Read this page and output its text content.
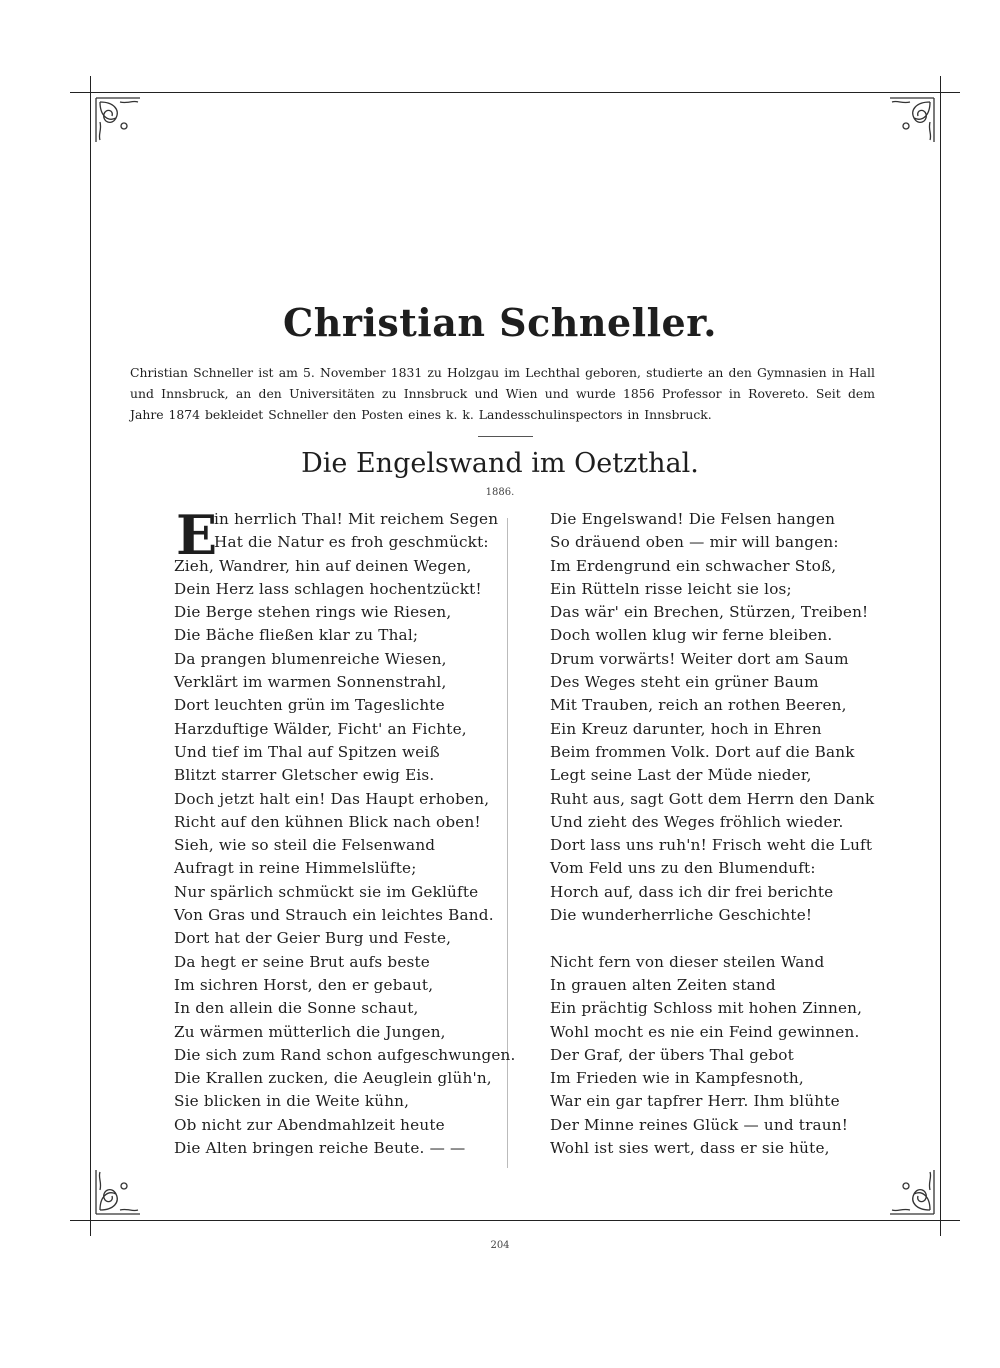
Christian Schneller.
Christian Schneller ist am 5. November 1831 zu Holzgau im Lechthal geboren, studierte an den Gymnasien in Hall und Innsbruck, an den Universitäten zu Innsbruck und Wien und wurde 1856 Professor in Rovereto. Seit dem Jahre 1874 bekleidet Schneller den Posten eines k. k. Landesschulinspectors in Innsbruck.
Die Engelswand im Oetzthal.
1886.
E
in herrlich Thal! Mit reichem Segen
Hat die Natur es froh geschmückt:
Zieh, Wandrer, hin auf deinen Wegen,
Dein Herz lass schlagen hochentzückt!
Die Berge stehen rings wie Riesen,
Die Bäche fließen klar zu Thal;
Da prangen blumenreiche Wiesen,
Verklärt im warmen Sonnenstrahl,
Dort leuchten grün im Tageslichte
Harzduftige Wälder, Ficht' an Fichte,
Und tief im Thal auf Spitzen weiß
Blitzt starrer Gletscher ewig Eis.
Doch jetzt halt ein! Das Haupt erhoben,
Richt auf den kühnen Blick nach oben!
Sieh, wie so steil die Felsenwand
Aufragt in reine Himmelslüfte;
Nur spärlich schmückt sie im Geklüfte
Von Gras und Strauch ein leichtes Band.
Dort hat der Geier Burg und Feste,
Da hegt er seine Brut aufs beste
Im sichren Horst, den er gebaut,
In den allein die Sonne schaut,
Zu wärmen mütterlich die Jungen,
Die sich zum Rand schon aufgeschwungen.
Die Krallen zucken, die Aeuglein glüh'n,
Sie blicken in die Weite kühn,
Ob nicht zur Abendmahlzeit heute
Die Alten bringen reiche Beute. — —
Die Engelswand! Die Felsen hangen
So dräuend oben — mir will bangen:
Im Erdengrund ein schwacher Stoß,
Ein Rütteln risse leicht sie los;
Das wär' ein Brechen, Stürzen, Treiben!
Doch wollen klug wir ferne bleiben.
Drum vorwärts! Weiter dort am Saum
Des Weges steht ein grüner Baum
Mit Trauben, reich an rothen Beeren,
Ein Kreuz darunter, hoch in Ehren
Beim frommen Volk. Dort auf die Bank
Legt seine Last der Müde nieder,
Ruht aus, sagt Gott dem Herrn den Dank
Und zieht des Weges fröhlich wieder.
Dort lass uns ruh'n! Frisch weht die Luft
Vom Feld uns zu den Blumenduft:
Horch auf, dass ich dir frei berichte
Die wunderherrliche Geschichte!
Nicht fern von dieser steilen Wand
In grauen alten Zeiten stand
Ein prächtig Schloss mit hohen Zinnen,
Wohl mocht es nie ein Feind gewinnen.
Der Graf, der übers Thal gebot
Im Frieden wie in Kampfesnoth,
War ein gar tapfrer Herr. Ihm blühte
Der Minne reines Glück — und traun!
Wohl ist sies wert, dass er sie hüte,
204
